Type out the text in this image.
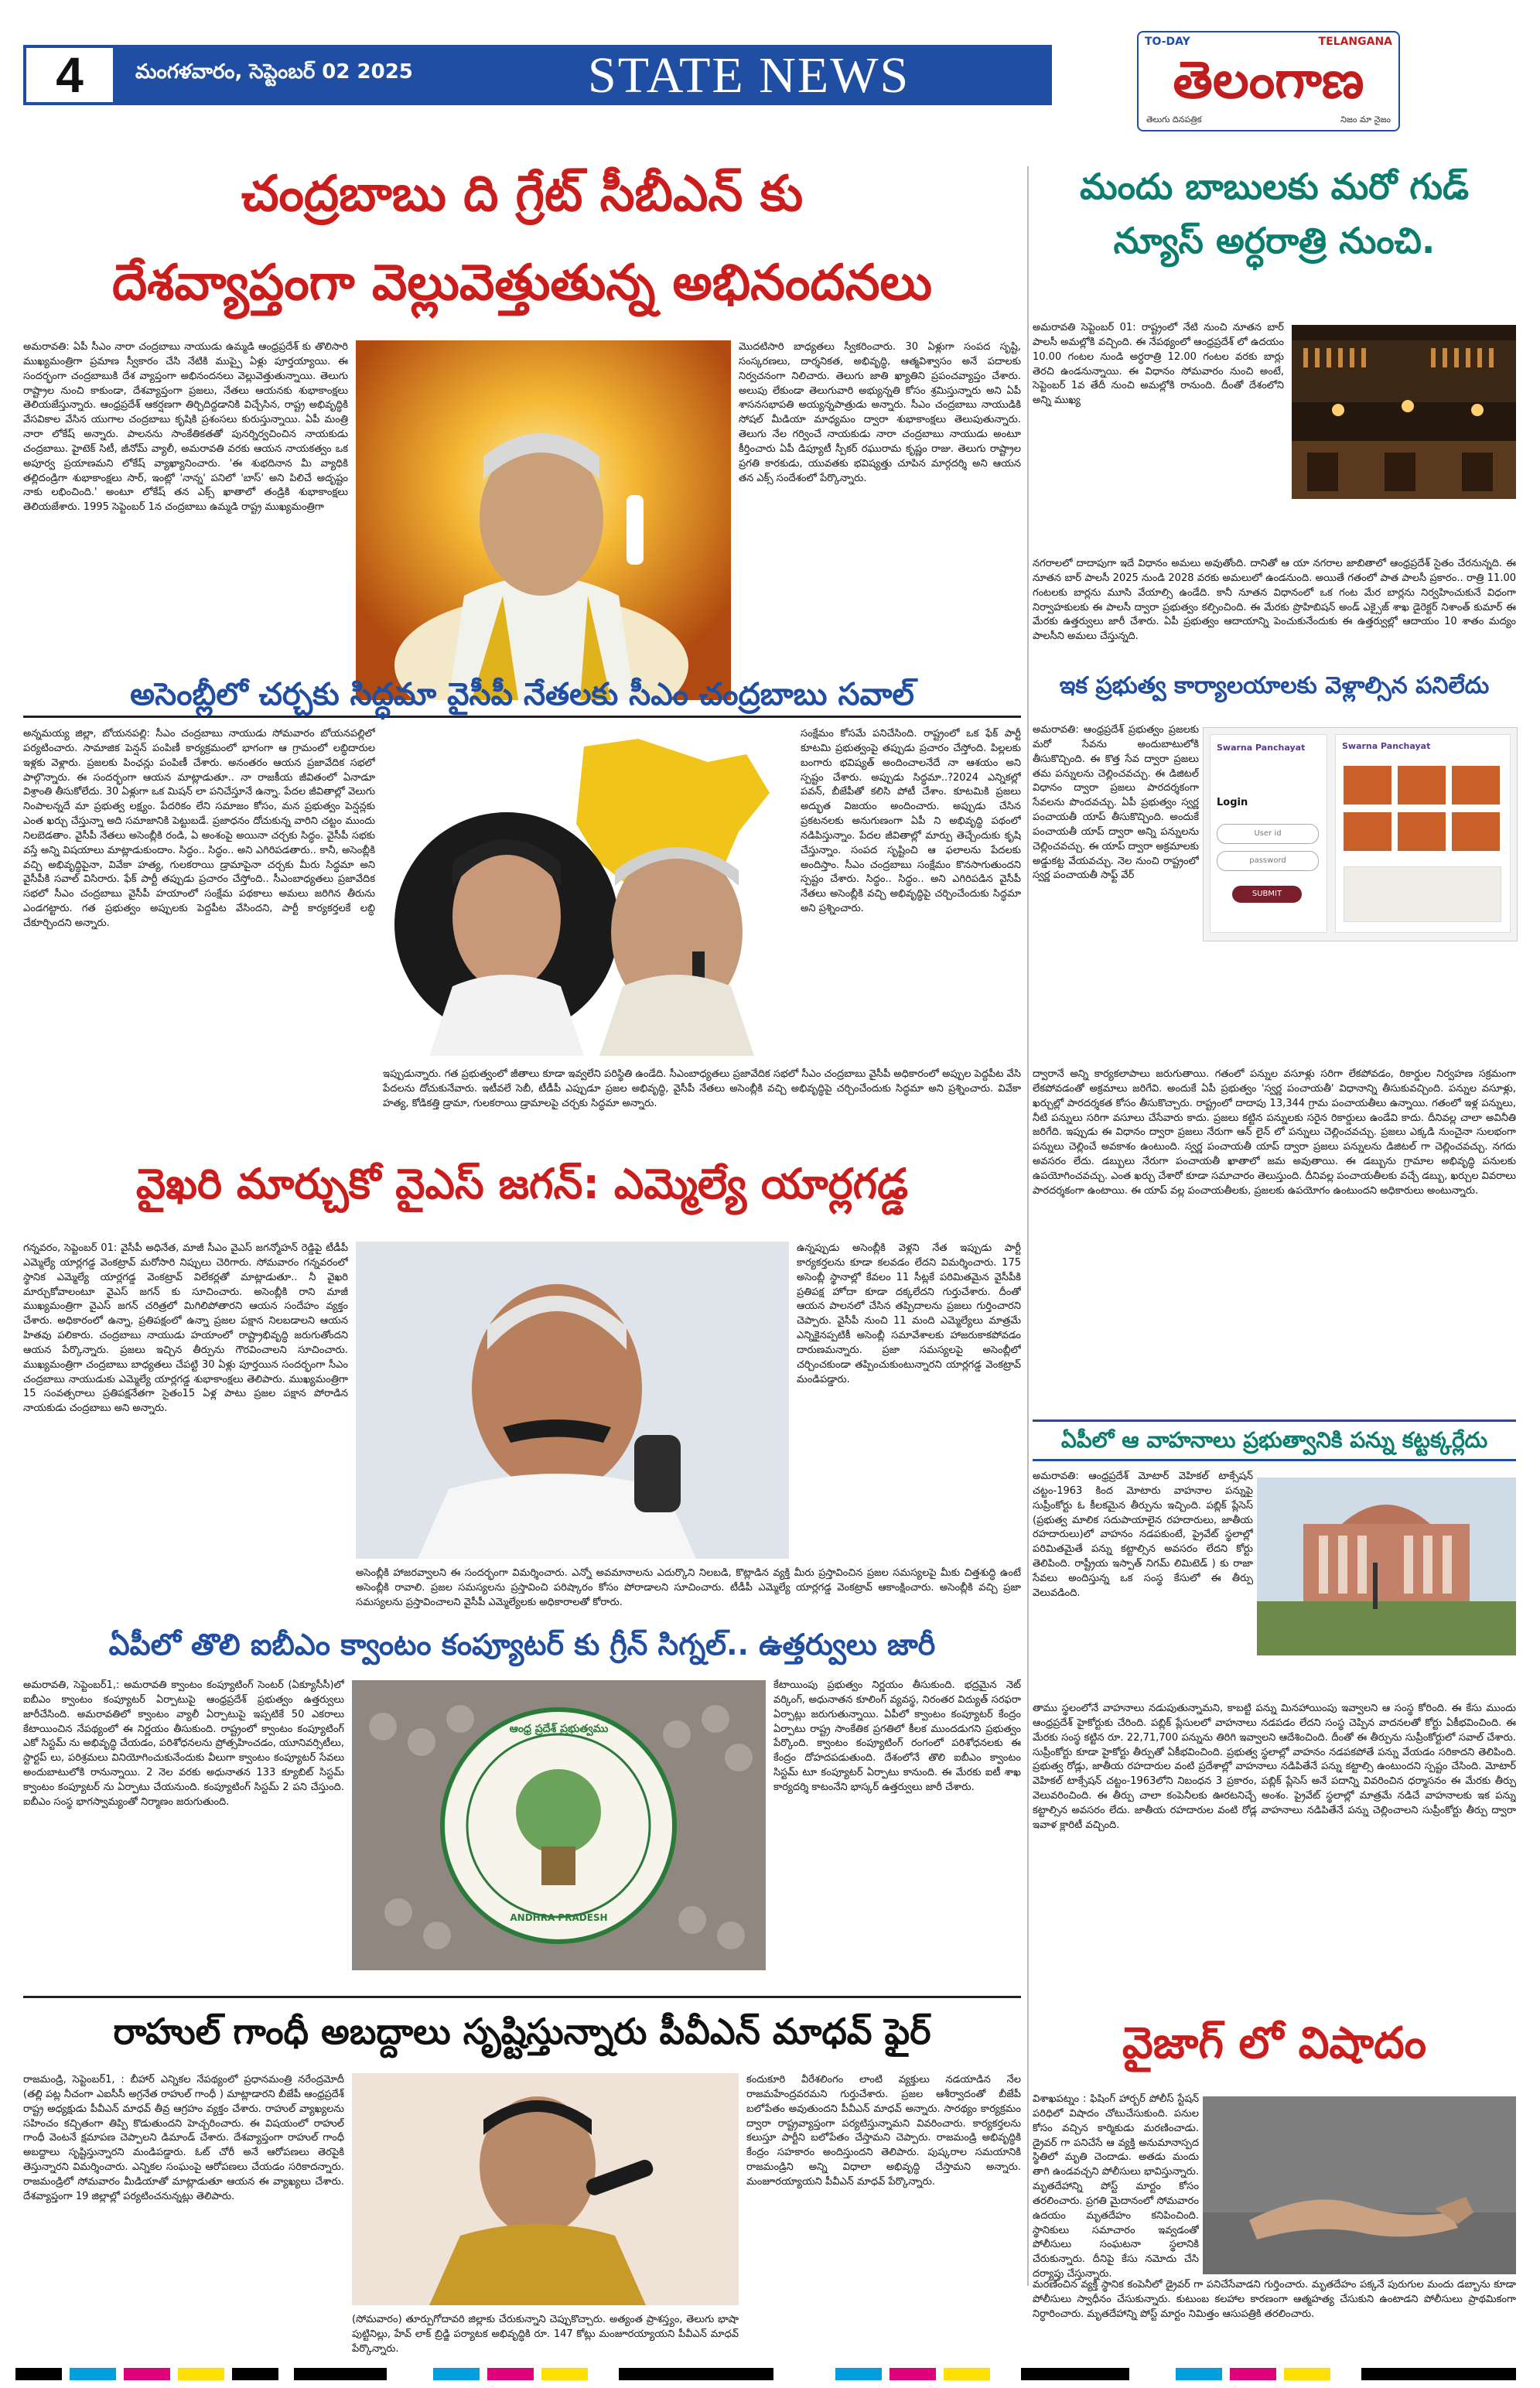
4	మంగళవారం, సెప్టెంబర్ 02 2025	STATE NEWS
TO-DAY	TELANGANA
తెలంగాణ
తెలుగు దినపత్రిక	నిజం మా నైజం
చంద్రబాబు ది గ్రేట్ సీబీఎన్ కు
దేశవ్యాప్తంగా వెల్లువెత్తుతున్న అభినందనలు
అమరావతి: ఏపీ సీఎం నారా చంద్రబాబు నాయుడు ఉమ్మడి ఆంధ్రప్రదేశ్ కు తొలిసారి ముఖ్యమంత్రిగా ప్రమాణ స్వీకారం చేసి నేటికి ముప్పై ఏళ్లు పూర్తయ్యాయి. ఈ సందర్భంగా చంద్రబాబుకి దేశ వ్యాప్తంగా అభినందనలు వెల్లువెత్తుతున్నాయి. తెలుగు రాష్ట్రాల నుంచి కాకుండా, దేశవ్యాప్తంగా ప్రజలు, నేతలు ఆయనకు శుభాకాంక్షలు తెలియజేస్తున్నారు. ఆంధ్రప్రదేశ్ ఆకర్షణగా తిర్చిదిద్దడానికి విచ్చేసిన, రాష్ట్ర అభివృద్ధికి వేసవికాల వేసిన యుగాల చంద్రబాబు కృషికి ప్రశంసలు కురుస్తున్నాయి. ఏపీ మంత్రి నారా లోకేష్ అన్నారు. పాలనను సాంకేతికతతో పునర్నిర్వచించిన నాయకుడు చంద్రబాబు. హైటెక్ సిటీ, జీనోమ్ వ్యాలీ, అమరావతి వరకు ఆయన నాయకత్వం ఒక అపూర్వ ప్రయాణమని లోకేష్ వ్యాఖ్యానించారు. 'ఈ శుభదినాన మీ వ్యాధికి తల్లిదండ్రిగా శుభాకాంక్షలు సార్, ఇంట్లో 'నాన్న' పనిలో 'బాస్' అని పిలిచే అదృష్టం నాకు లభించింది.' అంటూ లోకేష్ తన ఎక్స్ ఖాతాలో తండ్రికి శుభాకాంక్షలు తెలియజేశారు. 1995 సెప్టెంబర్ 1న చంద్రబాబు ఉమ్మడి రాష్ట్ర ముఖ్యమంత్రిగా
మొదటిసారి బాధ్యతలు స్వీకరించారు. 30 ఏళ్లుగా సంపద సృష్టి, సంస్కరణలు, దార్శనికత, అభివృద్ధి, ఆత్మవిశ్వాసం అనే పదాలకు నిర్వచనంగా నిలిచారు. తెలుగు జాతి ఖ్యాతిని ప్రపంచవ్యాప్తం చేశారు. అలుపు లేకుండా తెలుగువారి అభ్యున్నతి కోసం శ్రమిస్తున్నారు అని ఏపీ శాసనసభాపతి అయ్యన్నపాత్రుడు అన్నారు. సీఎం చంద్రబాబు నాయుడికి సోషల్ మీడియా మాధ్యమం ద్వారా శుభాకాంక్షలు తెలుపుతున్నారు. తెలుగు నేల గర్వించే నాయకుడు నారా చంద్రబాబు నాయుడు అంటూ కీర్తించారు ఏపీ డిప్యూటీ స్పీకర్ రఘురామ కృష్ణం రాజు. తెలుగు రాష్ట్రాల ప్రగతి కారకుడు, యువతకు భవిష్యత్తు చూపిన మార్గదర్శి అని ఆయన తన ఎక్స్ సందేశంలో పేర్కొన్నారు.
మందు బాబులకు మరో గుడ్
న్యూస్ అర్ధరాత్రి నుంచి.
అమరావతి సెప్టెంబర్ 01: రాష్ట్రంలో నేటి నుంచి నూతన బార్ పాలసీ అమల్లోకి వచ్చింది. ఈ నేపథ్యంలో ఆంధ్రప్రదేశ్ లో ఉదయం 10.00 గంటల నుండి అర్ధరాత్రి 12.00 గంటల వరకు బార్లు తెరచి ఉండనున్నాయి. ఈ విధానం సోమవారం నుంచి అంటే, సెప్టెంబర్ 1వ తేదీ నుంచి అమల్లోకి రానుంది. దీంతో దేశంలోని అన్ని ముఖ్య
నగరాలలో దాదాపుగా ఇదే విధానం అమలు అవుతోంది. దానితో ఆ యా నగరాల జాబితాలో ఆంధ్రప్రదేశ్ సైతం చేరనున్నది. ఈ నూతన బార్ పాలసీ 2025 నుండి 2028 వరకు అమలులో ఉండనుంది. అయితే గతంలో పాత పాలసీ ప్రకారం.. రాత్రి 11.00 గంటలకు బార్లను మూసి వేయాల్సి ఉండేది. కానీ నూతన విధానంలో ఒక గంట మేర బార్లను నిర్వహించుకునే విధంగా నిర్వాహకులకు ఈ పాలసీ ద్వారా ప్రభుత్వం కల్పించింది. ఈ మేరకు ప్రొహిబిషన్ అండ్ ఎక్సైజ్ శాఖ డైరెక్టర్ నిశాంత్ కుమార్ ఈ మేరకు ఉత్తర్వులు జారీ చేశారు. ఏపీ ప్రభుత్వం ఆదాయాన్ని పెంచుకునేందుకు ఈ ఉత్తర్వుల్లో ఆదాయం 10 శాతం మద్యం పాలసీని అమలు చేస్తున్నది.
అసెంబ్లీలో చర్చకు సిద్ధమా వైసీపీ నేతలకు సీఎం చంద్రబాబు సవాల్
అన్నమయ్య జిల్లా, బోయనపల్లి: సీఎం చంద్రబాబు నాయుడు సోమవారం బోయనపల్లిలో పర్యటించారు. సామాజిక పెన్షన్ పంపిణీ కార్యక్రమంలో భాగంగా ఆ గ్రామంలో లబ్ధిదారుల ఇళ్లకు వెళ్లారు. ప్రజలకు పింఛన్లు పంపిణీ చేశారు. అనంతరం ఆయన ప్రజావేదిక సభలో పాల్గొన్నారు. ఈ సందర్భంగా ఆయన మాట్లాడుతూ.. నా రాజకీయ జీవితంలో ఏనాడూ విశ్రాంతి తీసుకోలేదు. 30 ఏళ్లుగా ఒక మిషన్ లా పనిచేస్తూనే ఉన్నా. పేదల జీవితాల్లో వెలుగు నింపాలన్నదే మా ప్రభుత్వ లక్ష్యం. పేదరికం లేని సమాజం కోసం, మన ప్రభుత్వం పెన్షన్లకు ఎంత ఖర్చు చేస్తున్నా అది సమాజానికి పెట్టుబడే. ప్రజాధనం దోచుకున్న వారిని చట్టం ముందు నిలబెడతాం. వైసీపీ నేతలు అసెంబ్లీకి రండి, ఏ అంశంపై అయినా చర్చకు సిద్ధం. వైసీపీ సభకు వస్తే అన్ని విషయాలు మాట్లాడుకుందాం. సిద్ధం.. సిద్ధం.. అని ఎగిరిపడతారు.. కానీ, అసెంబ్లీకి వచ్చి అభివృద్ధిపైనా, వివేకా హత్య, గులకరాయి డ్రామాపైనా చర్చకు మీరు సిద్ధమా అని వైసీపీకి సవాల్ విసిరారు. ఫేక్ పార్టీ తప్పుడు ప్రచారం చేస్తోంది.. సీఎంబాధ్యతలు ప్రజావేదిక సభలో సీఎం చంద్రబాబు వైసీపీ హయాంలో సంక్షేమ పథకాలు అమలు జరిగిన తీరును ఎండగట్టారు. గత ప్రభుత్వం అప్పులకు పెద్దపీట వేసిందని, పార్టీ కార్యకర్తలకే లబ్ధి చేకూర్చిందని అన్నారు.
సంక్షేమం కోసమే పనిచేసింది. రాష్ట్రంలో ఒక ఫేక్ పార్టీ కూటమి ప్రభుత్వంపై తప్పుడు ప్రచారం చేస్తోంది. పిల్లలకు బంగారు భవిష్యత్ అందించాలనేదే నా ఆశయం అని స్పష్టం చేశారు. అప్పుడు సిద్ధమా..?2024 ఎన్నికల్లో పవన్, బీజేపీతో కలిసి పోటీ చేశాం. కూటమికి ప్రజలు అద్భుత విజయం అందించారు. అప్పుడు చేసిన ప్రకటనలకు అనుగుణంగా ఏపీ ని అభివృద్ధి పథంలో నడిపిస్తున్నాం. పేదల జీవితాల్లో మార్పు తెచ్చేందుకు కృషి చేస్తున్నాం. సంపద సృష్టించి ఆ ఫలాలను పేదలకు అందిస్తాం. సీఎం చంద్రబాబు సంక్షేమం కొనసాగుతుందని స్పష్టం చేశారు. సిద్ధం.. సిద్ధం.. అని ఎగిరిపడిన వైసీపీ నేతలు అసెంబ్లీకి వచ్చి అభివృద్ధిపై చర్చించేందుకు సిద్ధమా అని ప్రశ్నించారు.
ఇప్పుడున్నారు. గత ప్రభుత్వంలో జీతాలు కూడా ఇవ్వలేని పరిస్థితి ఉండేది. సీఎంబాధ్యతలు ప్రజావేదిక సభలో సీఎం చంద్రబాబు వైసీపీ అధికారంలో అప్పుల పెద్దపీట వేసి పేదలను దోచుకునేవారు. ఇటీవలే సెబీ, టీడీపీ ఎప్పుడూ ప్రజల అభివృద్ధి, వైసీపీ నేతలు అసెంబ్లీకి వచ్చి అభివృద్ధిపై చర్చించేందుకు సిద్ధమా అని ప్రశ్నించారు. వివేకా హత్య, కోడికత్తి డ్రామా, గులకరాయి డ్రామాలపై చర్చకు సిద్ధమా అన్నారు.
ఇక ప్రభుత్వ కార్యాలయాలకు వెళ్లాల్సిన పనిలేదు
అమరావతి: ఆంధ్రప్రదేశ్ ప్రభుత్వం ప్రజలకు మరో సేవను అందుబాటులోకి తీసుకొచ్చింది. ఈ కొత్త సేవ ద్వారా ప్రజలు తమ పన్నులను చెల్లించవచ్చు. ఈ డిజిటల్ విధానం ద్వారా ప్రజలు పారదర్శకంగా సేవలను పొందవచ్చు. ఏపీ ప్రభుత్వం స్వర్ణ పంచాయతీ యాప్ తీసుకొచ్చింది. అందుకే పంచాయతీ యాప్ ద్వారా అన్ని పన్నులను చెల్లించవచ్చు. ఈ యాప్ ద్వారా అక్రమాలకు అడ్డుకట్ట వేయవచ్చు. నెల నుంచి రాష్ట్రంలో స్వర్ణ పంచాయతీ సాఫ్ట్ వేర్
Swarna Panchayat
Login
User id
password
SUBMIT
Swarna Panchayat
ద్వారానే అన్ని కార్యకలాపాలు జరుగుతాయి. గతంలో పన్నుల వసూళ్లు సరిగా లేకపోవడం, రికార్డుల నిర్వహణ సక్రమంగా లేకపోవడంతో అక్రమాలు జరిగేవి. అందుకే ఏపీ ప్రభుత్వం 'స్వర్ణ పంచాయతీ' విధానాన్ని తీసుకువచ్చింది. పన్నుల వసూళ్లు, ఖర్చుల్లో పారదర్శకత కోసం తీసుకొచ్చారు. రాష్ట్రంలో దాదాపు 13,344 గ్రామ పంచాయతీలు ఉన్నాయి. గతంలో ఇళ్ల పన్నులు, నీటి పన్నులు సరిగా వసూలు చేసేవారు కాదు. ప్రజలు కట్టిన పన్నులకు సరైన రికార్డులు ఉండేవి కాదు. దీనివల్ల చాలా అవినీతి జరిగేది. ఇప్పుడు ఈ విధానం ద్వారా ప్రజలు నేరుగా ఆన్ లైన్ లో పన్నులు చెల్లించవచ్చు. ప్రజలు ఎక్కడి నుంచైనా సులభంగా పన్నులు చెల్లించే అవకాశం ఉంటుంది. స్వర్ణ పంచాయతీ యాప్ ద్వారా ప్రజలు పన్నులను డిజిటల్ గా చెల్లించవచ్చు. నగదు అవసరం లేదు. డబ్బులు నేరుగా పంచాయతీ ఖాతాలో జమ అవుతాయి. ఈ డబ్బును గ్రామాల అభివృద్ధి పనులకు ఉపయోగించవచ్చు. ఎంత ఖర్చు చేశారో కూడా సమాచారం తెలుస్తుంది. దీనివల్ల పంచాయతీలకు వచ్చే డబ్బు, ఖర్చుల వివరాలు పారదర్శకంగా ఉంటాయి. ఈ యాప్ వల్ల పంచాయతీలకు, ప్రజలకు ఉపయోగం ఉంటుందని అధికారులు అంటున్నారు.
వైఖరి మార్చుకో వైఎస్ జగన్: ఎమ్మెల్యే యార్లగడ్డ
గన్నవరం, సెప్టెంబర్ 01: వైసీపీ అధినేత, మాజీ సీఎం వైఎస్ జగన్మోహన్ రెడ్డిపై టీడీపీ ఎమ్మెల్యే యార్లగడ్డ వెంకట్రావ్ మరోసారి నిప్పులు చెరిగారు. సోమవారం గన్నవరంలో స్థానిక ఎమ్మెల్యే యార్లగడ్డ వెంకట్రావ్ విలేకర్లతో మాట్లాడుతూ.. నీ వైఖరి మార్చుకోవాలంటూ వైఎస్ జగన్ కు సూచించారు. అసెంబ్లీకి రాని మాజీ ముఖ్యమంత్రిగా వైఎస్ జగన్ చరిత్రలో మిగిలిపోతారని ఆయన సందేహం వ్యక్తం చేశారు. అధికారంలో ఉన్నా, ప్రతిపక్షంలో ఉన్నా ప్రజల పక్షాన నిలబడాలని ఆయన హితవు పలికారు. చంద్రబాబు నాయుడు హయాంలో రాష్ట్రాభివృద్ధి జరుగుతోందని ఆయన పేర్కొన్నారు. ప్రజలు ఇచ్చిన తీర్పును గౌరవించాలని సూచించారు. ముఖ్యమంత్రిగా చంద్రబాబు బాధ్యతలు చేపట్టి 30 ఏళ్లు పూర్తయిన సందర్భంగా సీఎం చంద్రబాబు నాయుడుకు ఎమ్మెల్యే యార్లగడ్డ శుభాకాంక్షలు తెలిపారు. ముఖ్యమంత్రిగా 15 సంవత్సరాలు ప్రతిపక్షనేతగా సైతం15 ఏళ్ల పాటు ప్రజల పక్షాన పోరాడిన నాయకుడు చంద్రబాబు అని అన్నారు.
ఉన్నప్పుడు అసెంబ్లీకి వెళ్లని నేత ఇప్పుడు పార్టీ కార్యకర్తలను కూడా కలవడం లేదని విమర్శించారు. 175 అసెంబ్లీ స్థానాల్లో కేవలం 11 సీట్లకే పరిమితమైన వైసీపీకి ప్రతిపక్ష హోదా కూడా దక్కలేదని గుర్తుచేశారు. దీంతో ఆయన పాలనలో చేసిన తప్పిదాలను ప్రజలు గుర్తించారని చెప్పారు. వైసీపీ నుంచి 11 మంది ఎమ్మెల్యేలు మాత్రమే ఎన్నికైనప్పటికీ అసెంబ్లీ సమావేశాలకు హాజరుకాకపోవడం దారుణమన్నారు. ప్రజా సమస్యలపై అసెంబ్లీలో చర్చించకుండా తప్పించుకుంటున్నారని యార్లగడ్డ వెంకట్రావ్ మండిపడ్డారు.
అసెంబ్లీకి హాజరవ్వాలని ఈ సందర్భంగా విమర్శించారు. ఎన్నో అవమానాలను ఎదుర్కొని నిలబడి, కొట్లాడిన వ్యక్తి మీరు ప్రస్తావించిన ప్రజల సమస్యలపై మీకు చిత్తశుద్ధి ఉంటే అసెంబ్లీకి రావాలి. ప్రజల సమస్యలను ప్రస్తావించి పరిష్కారం కోసం పోరాడాలని సూచించారు. టీడీపీ ఎమ్మెల్యే యార్లగడ్డ వెంకట్రావ్ ఆకాంక్షించారు. అసెంబ్లీకి వచ్చి ప్రజా సమస్యలను ప్రస్తావించాలని వైసీపీ ఎమ్మెల్యేలకు అధికారాలతో కోరారు.
ఏపీలో ఆ వాహనాలు ప్రభుత్వానికి పన్ను కట్టక్కర్లేదు
అమరావతి: ఆంధ్రప్రదేశ్ మోటార్ వెహికల్ టాక్సేషన్ చట్టం-1963 కింద మోటారు వాహనాల పన్నుపై సుప్రీంకోర్టు ఓ కీలకమైన తీర్పును ఇచ్చింది. పబ్లిక్ ప్లేసెస్ (ప్రభుత్వ మాలిక సదుపాయాలైన రహదారులు, జాతీయ రహదారులు)లో వాహనం నడపకుంటే, ప్రైవేట్ స్థలాల్లో పరిమితమైతే పన్ను కట్టాల్సిన అవసరం లేదని కోర్టు తెలిపింది. రాష్ట్రీయ ఇస్పాత్ నిగమ్ లిమిటెడ్ ) కు రాజా సేవలు అందిస్తున్న ఒక సంస్థ కేసులో ఈ తీర్పు వెలువడింది.
తాము స్థలంలోనే వాహనాలు నడుపుతున్నామని, కాబట్టి పన్ను మినహాయింపు ఇవ్వాలని ఆ సంస్థ కోరింది. ఈ కేసు ముందు ఆంధ్రప్రదేశ్ హైకోర్టుకు చేరింది. పబ్లిక్ ప్లేసులలో వాహనాలు నడపడం లేదని సంస్థ చెప్పిన వాదనలతో కోర్టు ఏకీభవించింది. ఈ మేరకు సంస్థ కట్టిన రూ. 22,71,700 పన్నును తిరిగి ఇవ్వాలని ఆదేశించింది. దీంతో ఈ తీర్పును సుప్రీంకోర్టులో సవాల్ చేశారు. సుప్రీంకోర్టు కూడా హైకోర్టు తీర్పుతో ఏకీభవించింది. ప్రభుత్వ స్థలాల్లో వాహనం నడపకపోతే పన్ను వేయడం సరికాదని తెలిపింది. ప్రభుత్వ రోడ్లు, జాతీయ రహదారుల వంటి ప్రదేశాల్లో వాహనాలు నడిపితేనే పన్ను కట్టాల్సి ఉంటుందని స్పష్టం చేసింది. మోటార్ వెహికల్ టాక్సేషన్ చట్టం-1963లోని నిబంధన 3 ప్రకారం, పబ్లిక్ ప్లేసెస్ అనే పదాన్ని వివరించిన ధర్మాసనం ఈ మేరకు తీర్పు వెలువరించింది. ఈ తీర్పు చాలా కంపెనీలకు ఊరటనిచ్చే అంశం. ప్రైవేట్ స్థలాల్లో మాత్రమే నడిచే వాహనాలకు ఇక పన్ను కట్టాల్సిన అవసరం లేదు. జాతీయ రహదారుల వంటి రోడ్ల వాహనాలు నడిపితేనే పన్ను చెల్లించాలని సుప్రీంకోర్టు తీర్పు ద్వారా ఇవాళ క్లారిటీ వచ్చింది.
ఏపీలో తొలి ఐబీఎం క్వాంటం కంప్యూటర్ కు గ్రీన్ సిగ్నల్.. ఉత్తర్వులు జారీ
అమరావతి, సెప్టెంబర్1,: అమరావతి క్వాంటం కంప్యూటింగ్ సెంటర్ (ఏక్యూసీసీ)లో ఐబీఎం క్వాంటం కంప్యూటర్ ఏర్పాటుపై ఆంధ్రప్రదేశ్ ప్రభుత్వం ఉత్తర్వులు జారీచేసింది. అమరావతిలో క్వాంటం వ్యాలీ ఏర్పాటుపై ఇప్పటికే 50 ఎకరాలు కేటాయించిన నేపథ్యంలో ఈ నిర్ణయం తీసుకుంది. రాష్ట్రంలో క్వాంటం కంప్యూటింగ్ ఎకో సిస్టమ్ ను అభివృద్ధి చేయడం, పరిశోధనలను ప్రోత్సహించడం, యూనివర్సిటీలు, స్టార్టప్ లు, పరిశ్రమలు వినియోగించుకునేందుకు వీలుగా క్వాంటం కంప్యూటర్ సేవలు అందుబాటులోకి రానున్నాయి. 2 నెల వరకు అధునాతన 133 క్యూబిట్ సిస్టమ్ క్వాంటం కంప్యూటర్ ను ఏర్పాటు చేయనుంది. కంప్యూటింగ్ సిస్టమ్ 2 పని చేస్తుంది. ఐబీఎం సంస్థ భాగస్వామ్యంతో నిర్మాణం జరుగుతుంది.
ఆంధ్ర ప్రదేశ్ ప్రభుత్వము
ANDHRA PRADESH
కేటాయింపు ప్రభుత్వం నిర్ణయం తీసుకుంది. భద్రమైన నెట్ వర్కింగ్, అధునాతన కూలింగ్ వ్యవస్థ, నిరంతర విద్యుత్ సరఫరా ఏర్పాట్లు జరుగుతున్నాయి. ఏపీలో క్వాంటం కంప్యూటర్ కేంద్రం ఏర్పాటు రాష్ట్ర సాంకేతిక ప్రగతిలో కీలక ముందడుగని ప్రభుత్వం పేర్కొంది. క్వాంటం కంప్యూటింగ్ రంగంలో పరిశోధనలకు ఈ కేంద్రం దోహదపడుతుంది. దేశంలోనే తొలి ఐబీఎం క్వాంటం సిస్టమ్ టూ కంప్యూటర్ ఏర్పాటు కానుంది. ఈ మేరకు ఐటీ శాఖ కార్యదర్శి కాటంనేని భాస్కర్ ఉత్తర్వులు జారీ చేశారు.
వైజాగ్ లో విషాదం
విశాఖపట్నం : ఫిషింగ్ హార్బర్ పోలీస్ స్టేషన్ పరిధిలో విషాదం చోటుచేసుకుంది. పనుల కోసం వచ్చిన కార్మికుడు మరణించాడు. డ్రైవర్ గా పనిచేసే ఆ వ్యక్తి అనుమానాస్పద స్థితిలో మృతి చెందాడు. అతడు మందు తాగి ఉండవచ్చని పోలీసులు భావిస్తున్నారు. మృతదేహాన్ని పోస్ట్ మార్టం కోసం తరలించారు. ప్రగతి మైదానంలో సోమవారం ఉదయం మృతదేహం కనిపించింది. స్థానికులు సమాచారం ఇవ్వడంతో పోలీసులు సంఘటనా స్థలానికి చేరుకున్నారు. దీనిపై కేసు నమోదు చేసి దర్యాప్తు చేస్తున్నారు.
మరణించిన వ్యక్తి స్థానిక కంపెనీలో డ్రైవర్ గా పనిచేసేవాడని గుర్తించారు. మృతదేహం పక్కనే పురుగుల మందు డబ్బాను కూడా పోలీసులు స్వాధీనం చేసుకున్నారు. కుటుంబ కలహాల కారణంగా ఆత్మహత్య చేసుకుని ఉంటాడని పోలీసులు ప్రాథమికంగా నిర్ధారించారు. మృతదేహాన్ని పోస్ట్ మార్టం నిమిత్తం ఆసుపత్రికి తరలించారు.
రాహుల్ గాంధీ అబద్దాలు సృష్టిస్తున్నారు పీవీఎన్ మాధవ్ ఫైర్
రాజమండ్రి, సెప్టెంబర్1, : బీహార్ ఎన్నికల నేపథ్యంలో ప్రధానమంత్రి నరేంద్రమోదీ (తల్లి పట్ల నీచంగా ఎఐసీసీ అగ్రనేత రాహుల్ గాంధీ ) మాట్లాడారని బీజేపీ ఆంధ్రప్రదేశ్ రాష్ట్ర అధ్యక్షుడు పీవీఎన్ మాధవ్ తీవ్ర ఆగ్రహం వ్యక్తం చేశారు. రాహుల్ వ్యాఖ్యలను సహించం కచ్చితంగా తిప్పి కొడుతుందని హెచ్చరించారు. ఈ విషయంలో రాహుల్ గాంధీ వెంటనే క్షమాపణ చెప్పాలని డిమాండ్ చేశారు. దేశవ్యాప్తంగా రాహుల్ గాంధీ అబద్దాలు సృష్టిస్తున్నారని మండిపడ్డారు. ఓట్ చోరీ అనే ఆరోపణలు తెరపైకి తెస్తున్నారని విమర్శించారు. ఎన్నికల సంఘంపై ఆరోపణలు చేయడం సరికాదన్నారు. రాజమండ్రిలో సోమవారం మీడియాతో మాట్లాడుతూ ఆయన ఈ వ్యాఖ్యలు చేశారు. దేశవ్యాప్తంగా 19 జిల్లాల్లో పర్యటించనున్నట్లు తెలిపారు.
(సోమవారం) తూర్పుగోదావరి జిల్లాకు చేరుకున్నాని చెప్పుకొచ్చారు. అత్యంత ప్రాశస్త్యం, తెలుగు భాషా పుట్టినిల్లు, హేవ్ లాక్ బ్రిడ్జి పర్యాటక అభివృద్ధికి రూ. 147 కోట్లు మంజూరయ్యాయని పీవీఎన్ మాధవ్ పేర్కొన్నారు.
కందుకూరి వీరేశలింగం లాంటి వ్యక్తులు నడయాడిన నేల రాజమహేంద్రవరమని గుర్తుచేశారు. ప్రజల ఆశీర్వాదంతో బీజేపీ బలోపేతం అవుతుందని పీవీఎన్ మాధవ్ అన్నారు. సారథ్యం కార్యక్రమం ద్వారా రాష్ట్రవ్యాప్తంగా పర్యటిస్తున్నామని వివరించారు. కార్యకర్తలను కలుస్తూ పార్టీని బలోపేతం చేస్తామని చెప్పారు. రాజమండ్రి అభివృద్ధికి కేంద్రం సహకారం అందిస్తుందని తెలిపారు. పుష్కరాల సమయానికి రాజమండ్రిని అన్ని విధాలా అభివృద్ధి చేస్తామని అన్నారు. మంజూరయ్యాయని పీవీఎన్ మాధవ్ పేర్కొన్నారు.
